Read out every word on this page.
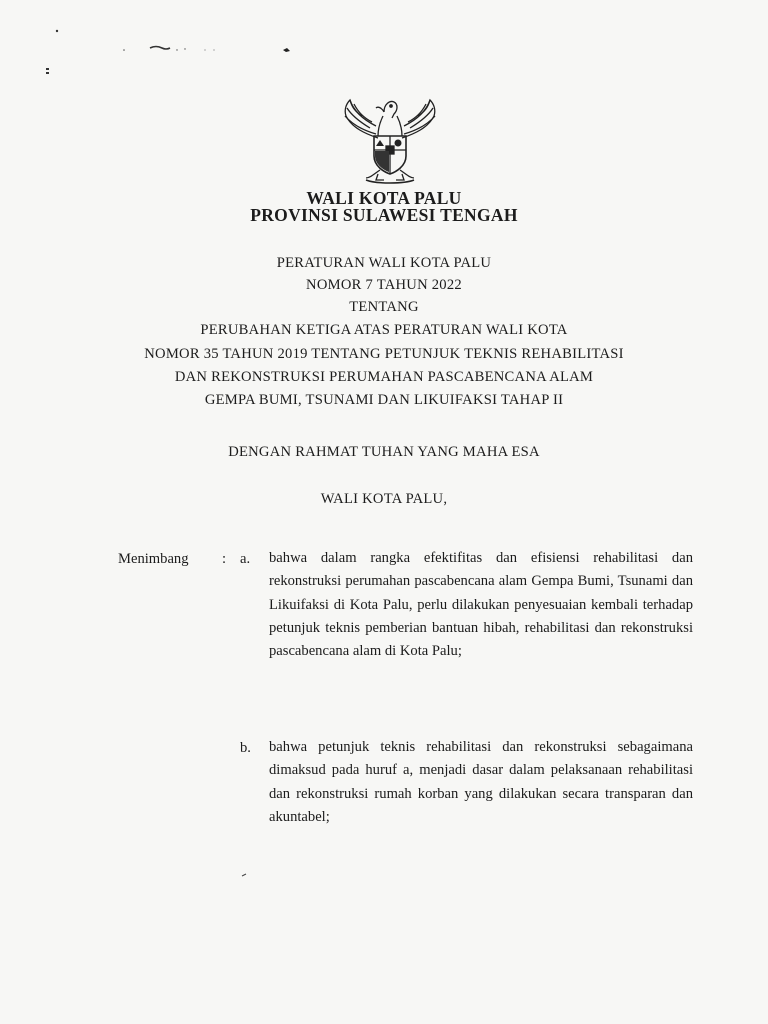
WALI KOTA PALU
PROVINSI SULAWESI TENGAH
PERATURAN WALI KOTA PALU
NOMOR 7 TAHUN 2022
TENTANG
PERUBAHAN KETIGA ATAS PERATURAN WALI KOTA
NOMOR 35 TAHUN 2019 TENTANG PETUNJUK TEKNIS REHABILITASI
DAN REKONSTRUKSI PERUMAHAN PASCABENCANA ALAM
GEMPA BUMI, TSUNAMI DAN LIKUIFAKSI TAHAP II
DENGAN RAHMAT TUHAN YANG MAHA ESA
WALI KOTA PALU,
Menimbang : a. bahwa dalam rangka efektifitas dan efisiensi rehabilitasi dan rekonstruksi perumahan pascabencana alam Gempa Bumi, Tsunami dan Likuifaksi di Kota Palu, perlu dilakukan penyesuaian kembali terhadap petunjuk teknis pemberian bantuan hibah, rehabilitasi dan rekonstruksi pascabencana alam di Kota Palu;

b. bahwa petunjuk teknis rehabilitasi dan rekonstruksi sebagaimana dimaksud pada huruf a, menjadi dasar dalam pelaksanaan rehabilitasi dan rekonstruksi rumah korban yang dilakukan secara transparan dan akuntabel;
